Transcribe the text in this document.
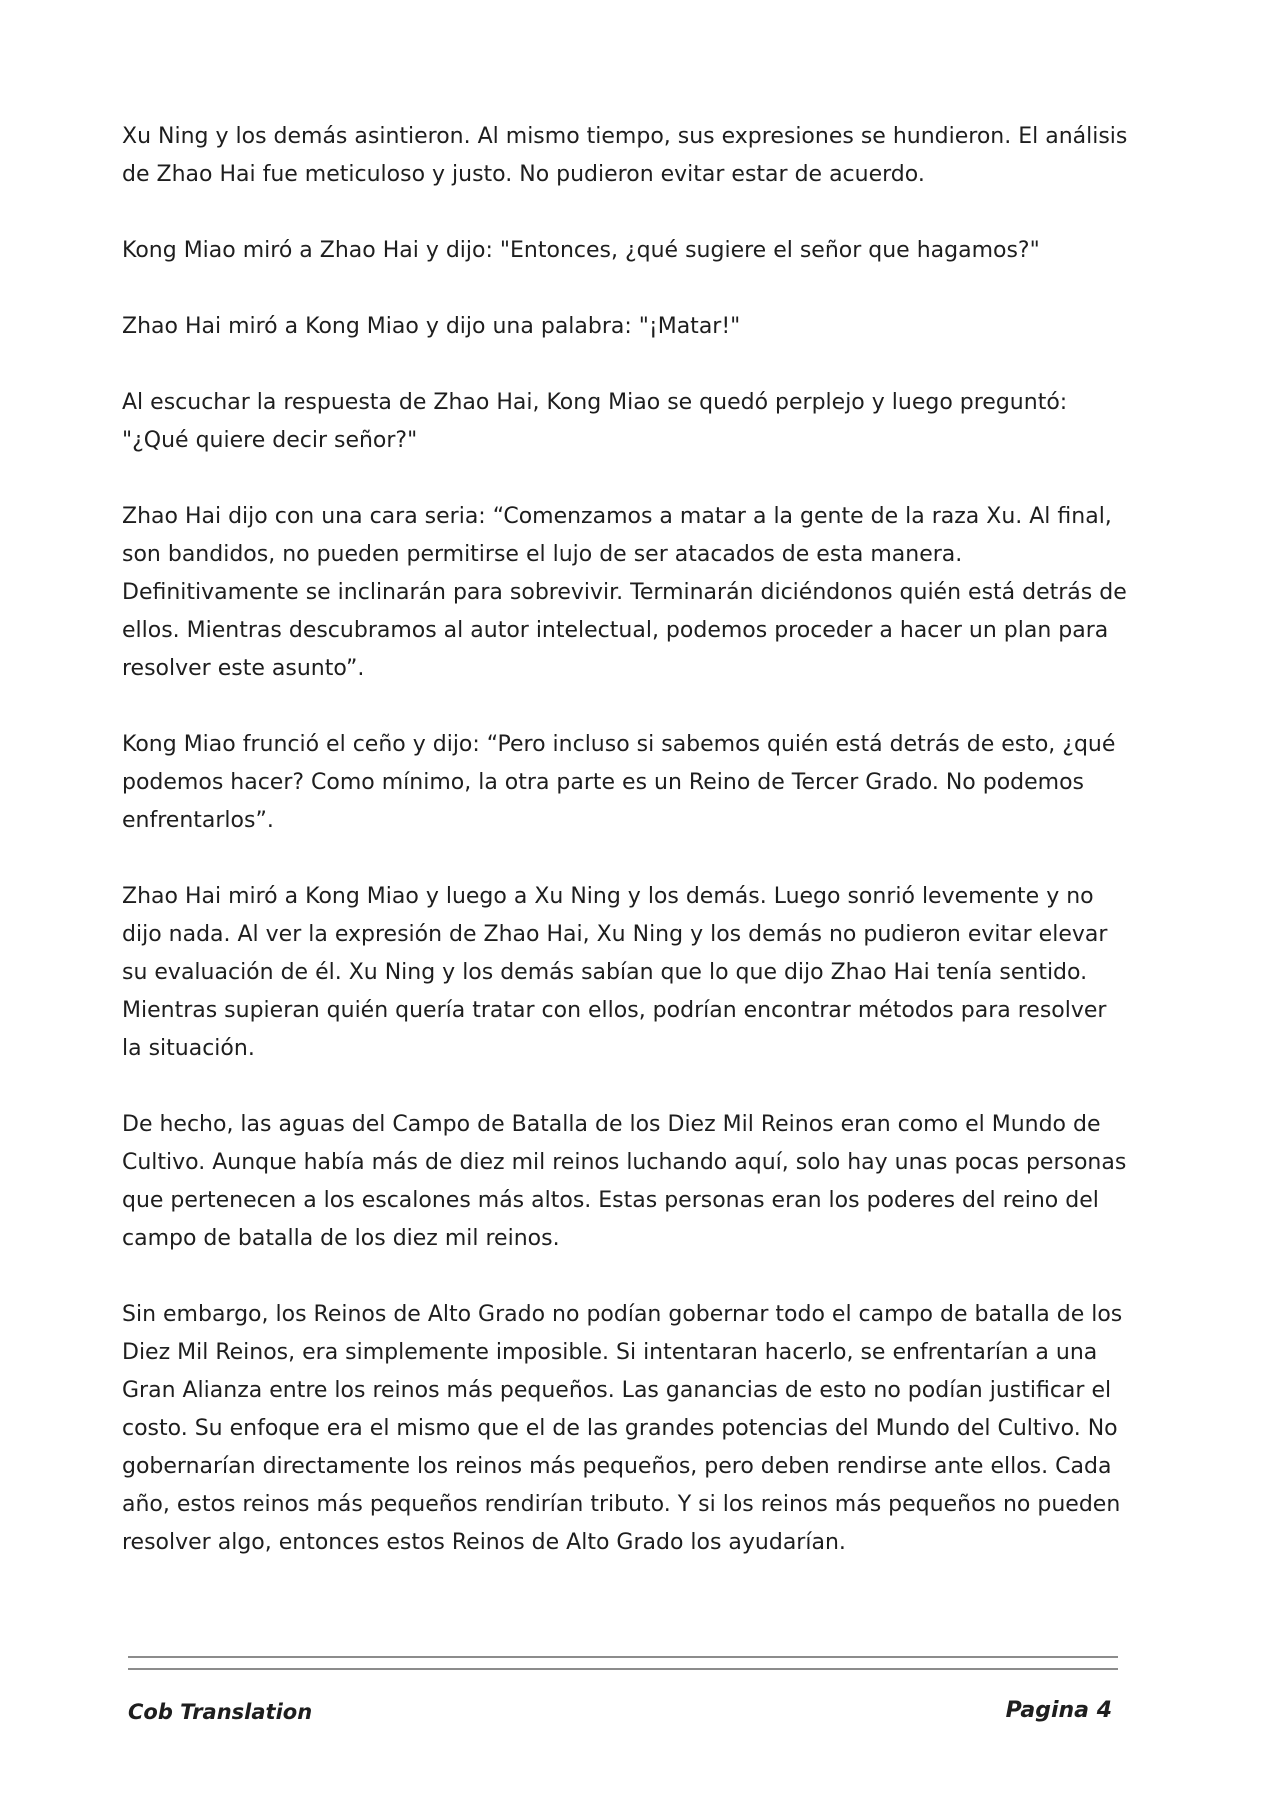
Xu Ning y los demás asintieron. Al mismo tiempo, sus expresiones se hundieron. El análisis de Zhao Hai fue meticuloso y justo. No pudieron evitar estar de acuerdo.

Kong Miao miró a Zhao Hai y dijo: "Entonces, ¿qué sugiere el señor que hagamos?"

Zhao Hai miró a Kong Miao y dijo una palabra: "¡Matar!"

Al escuchar la respuesta de Zhao Hai, Kong Miao se quedó perplejo y luego preguntó: "¿Qué quiere decir señor?"

Zhao Hai dijo con una cara seria: “Comenzamos a matar a la gente de la raza Xu. Al final, son bandidos, no pueden permitirse el lujo de ser atacados de esta manera. Definitivamente se inclinarán para sobrevivir. Terminarán diciéndonos quién está detrás de ellos. Mientras descubramos al autor intelectual, podemos proceder a hacer un plan para resolver este asunto”.

Kong Miao frunció el ceño y dijo: “Pero incluso si sabemos quién está detrás de esto, ¿qué podemos hacer? Como mínimo, la otra parte es un Reino de Tercer Grado. No podemos enfrentarlos”.

Zhao Hai miró a Kong Miao y luego a Xu Ning y los demás. Luego sonrió levemente y no dijo nada. Al ver la expresión de Zhao Hai, Xu Ning y los demás no pudieron evitar elevar su evaluación de él. Xu Ning y los demás sabían que lo que dijo Zhao Hai tenía sentido. Mientras supieran quién quería tratar con ellos, podrían encontrar métodos para resolver la situación.

De hecho, las aguas del Campo de Batalla de los Diez Mil Reinos eran como el Mundo de Cultivo. Aunque había más de diez mil reinos luchando aquí, solo hay unas pocas personas que pertenecen a los escalones más altos. Estas personas eran los poderes del reino del campo de batalla de los diez mil reinos.

Sin embargo, los Reinos de Alto Grado no podían gobernar todo el campo de batalla de los Diez Mil Reinos, era simplemente imposible. Si intentaran hacerlo, se enfrentarían a una Gran Alianza entre los reinos más pequeños. Las ganancias de esto no podían justificar el costo. Su enfoque era el mismo que el de las grandes potencias del Mundo del Cultivo. No gobernarían directamente los reinos más pequeños, pero deben rendirse ante ellos. Cada año, estos reinos más pequeños rendirían tributo. Y si los reinos más pequeños no pueden resolver algo, entonces estos Reinos de Alto Grado los ayudarían.

Cob Translation	Pagina 4
